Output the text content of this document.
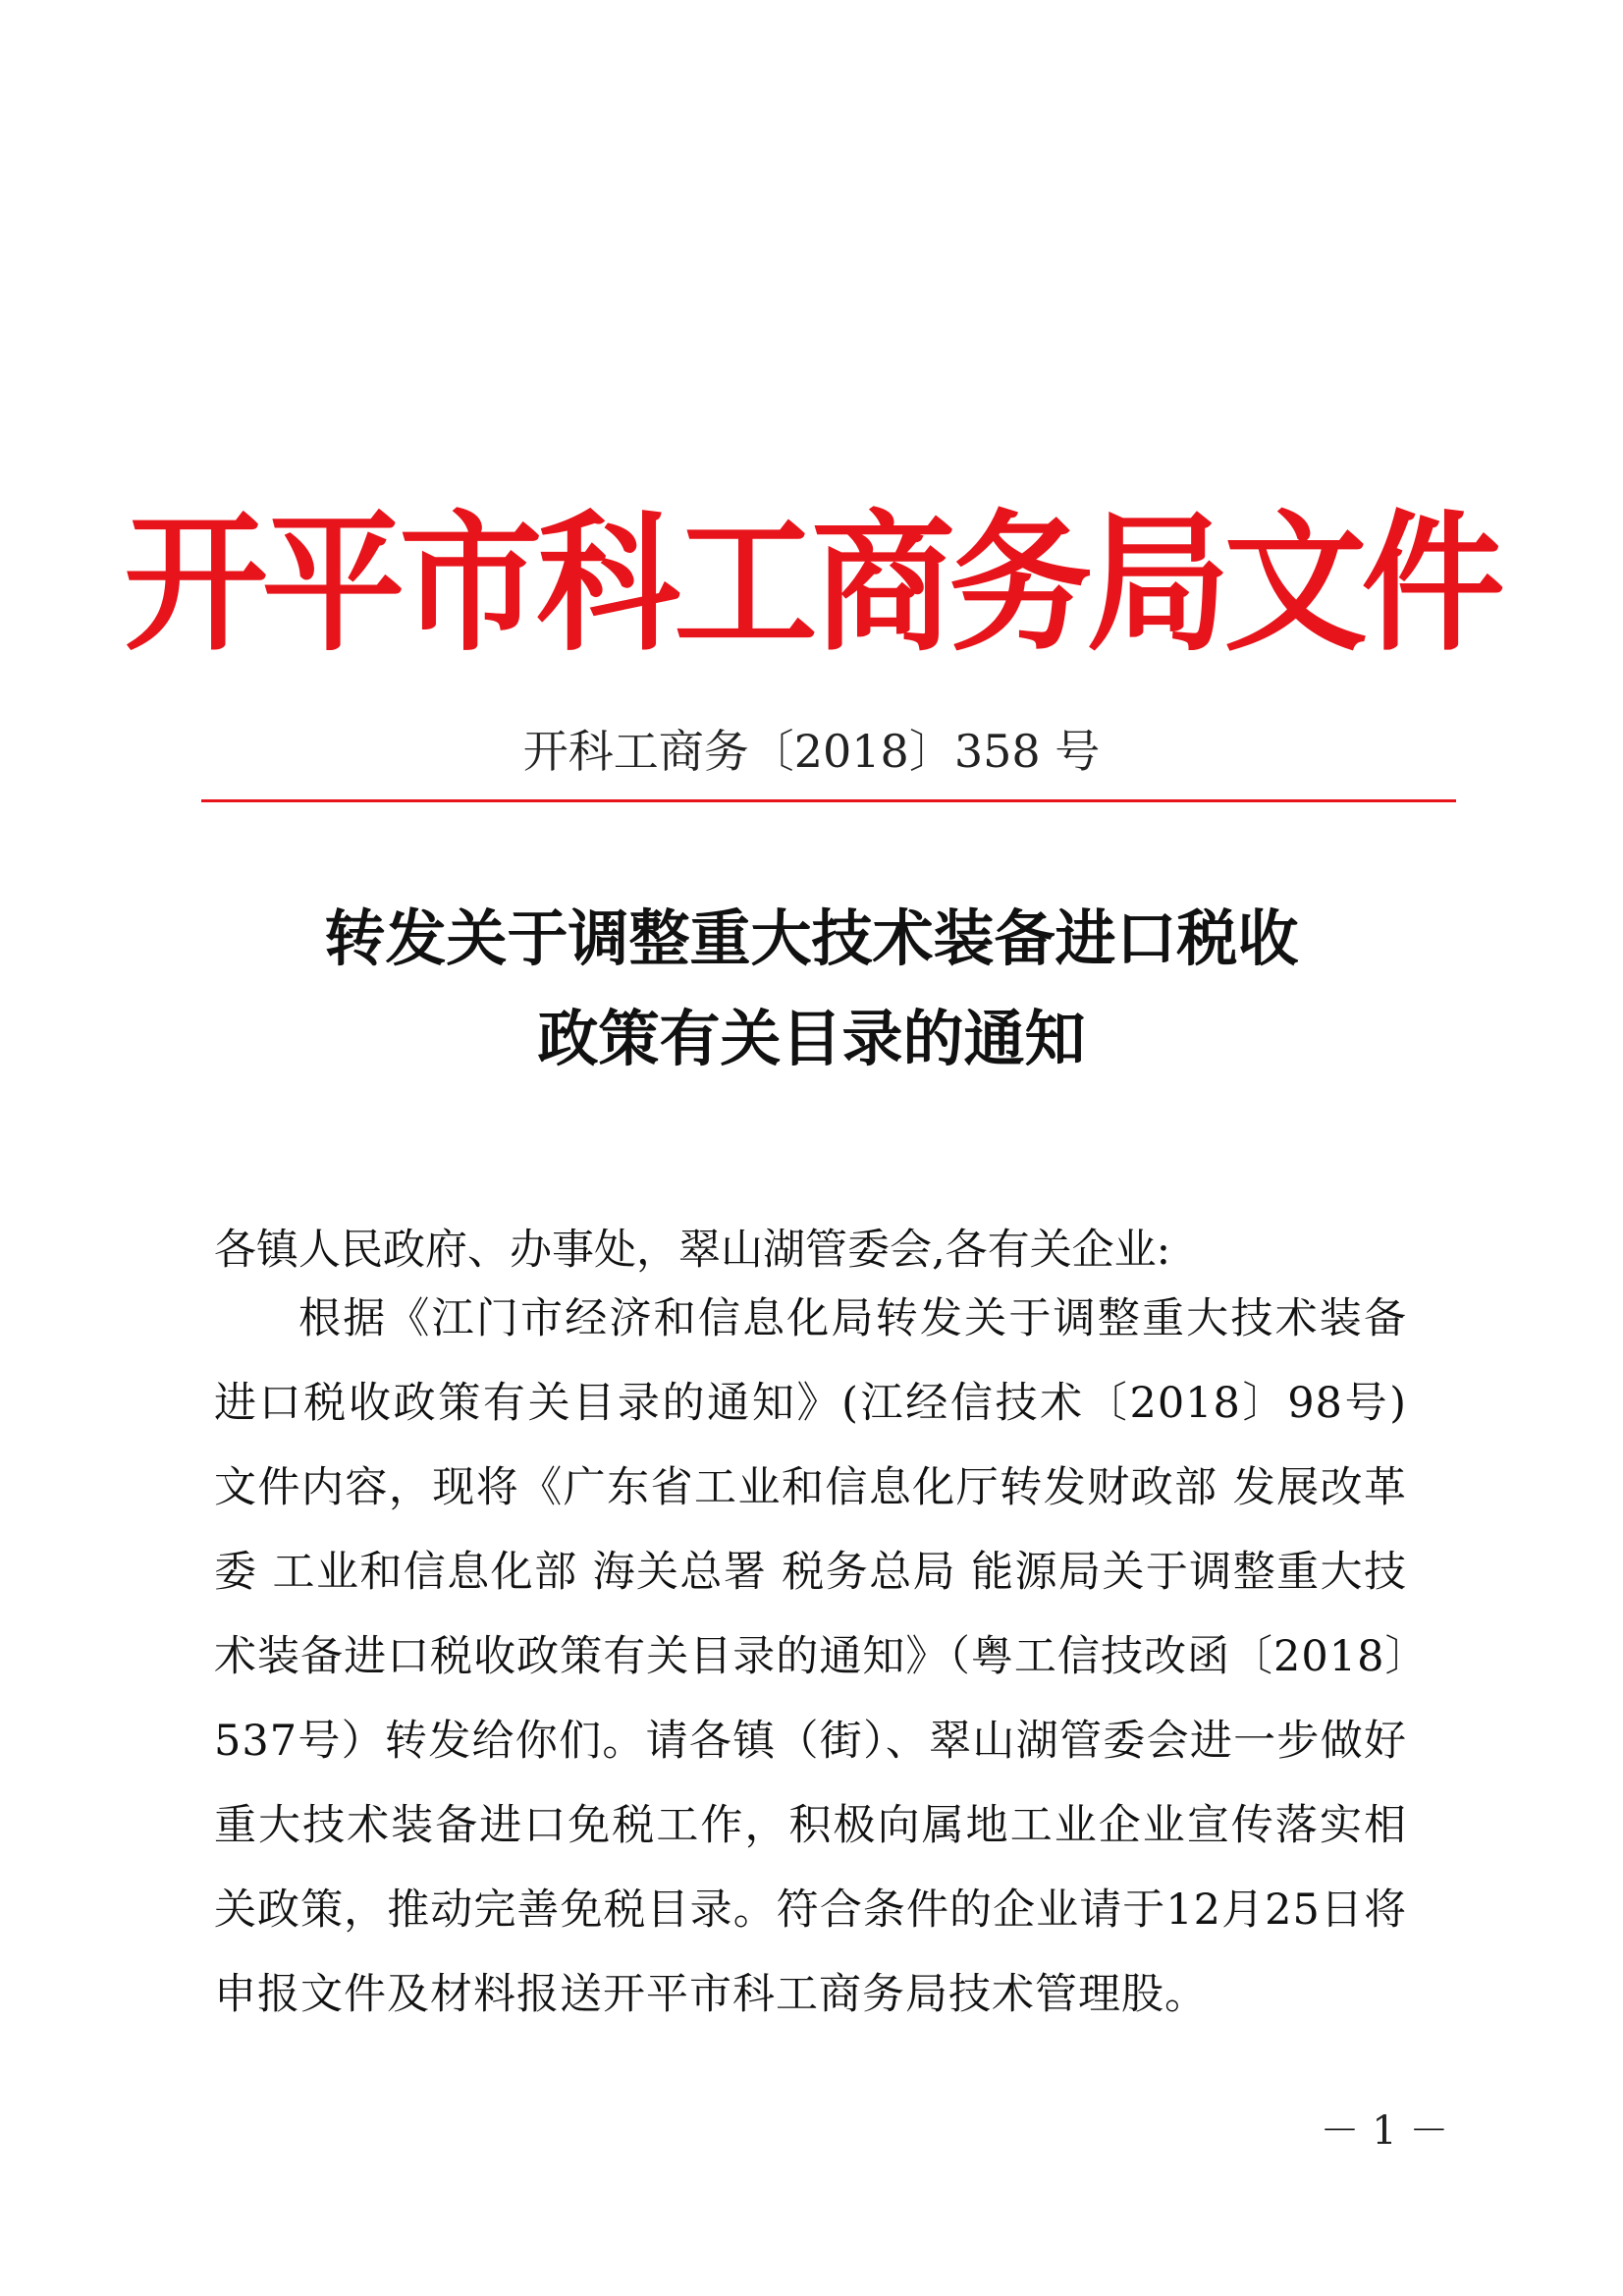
开平市科工商务局文件
开科工商务〔2018〕358 号
转发关于调整重大技术装备进口税收
政策有关目录的通知
各镇人民政府、办事处，翠山湖管委会,各有关企业:
根据《江门市经济和信息化局转发关于调整重大技术装备进口税收政策有关目录的通知》(江经信技术〔2018〕98号)文件内容，现将《广东省工业和信息化厅转发财政部 发展改革委 工业和信息化部 海关总署 税务总局 能源局关于调整重大技术装备进口税收政策有关目录的通知》（粤工信技改函〔2018〕537号）转发给你们。请各镇（街）、翠山湖管委会进一步做好重大技术装备进口免税工作，积极向属地工业企业宣传落实相关政策，推动完善免税目录。符合条件的企业请于12月25日将申报文件及材料报送开平市科工商务局技术管理股。
－ 1 －
